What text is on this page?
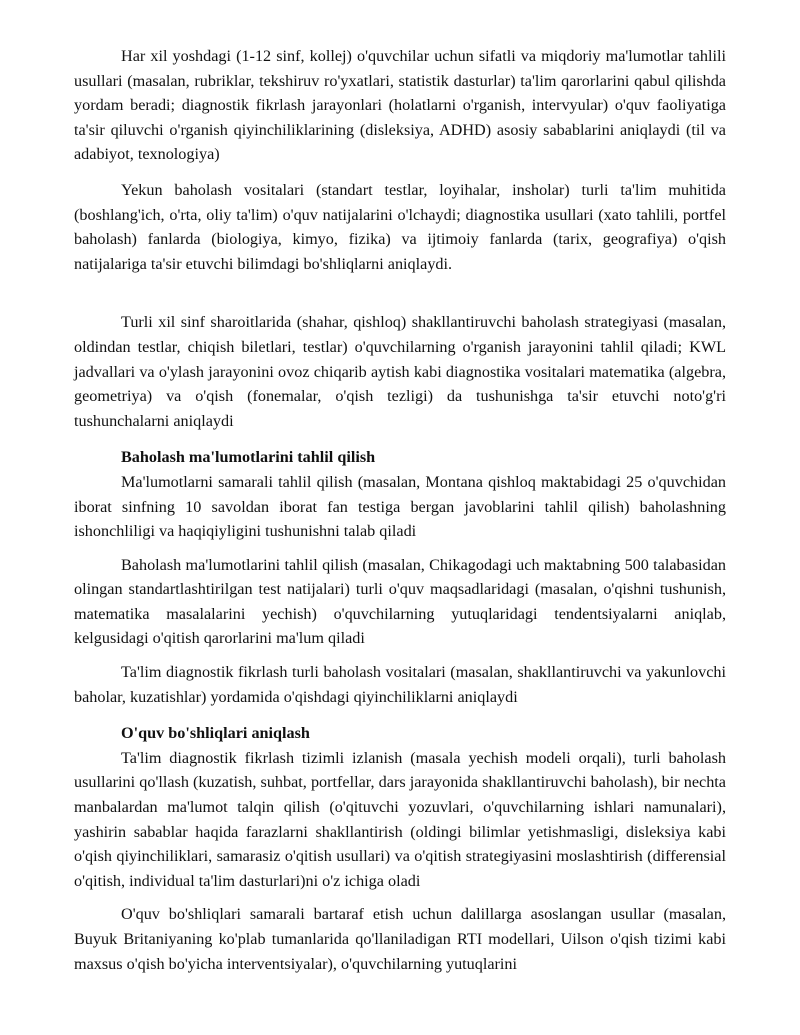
Har xil yoshdagi (1-12 sinf, kollej) o'quvchilar uchun sifatli va miqdoriy ma'lumotlar tahlili usullari (masalan, rubriklar, tekshiruv ro'yxatlari, statistik dasturlar) ta'lim qarorlarini qabul qilishda yordam beradi; diagnostik fikrlash jarayonlari (holatlarni o'rganish, intervyular) o'quv faoliyatiga ta'sir qiluvchi o'rganish qiyinchiliklarining (disleksiya, ADHD) asosiy sabablarini aniqlaydi (til va adabiyot, texnologiya)

Yekun baholash vositalari (standart testlar, loyihalar, insholar) turli ta'lim muhitida (boshlang'ich, o'rta, oliy ta'lim) o'quv natijalarini o'lchaydi; diagnostika usullari (xato tahlili, portfel baholash) fanlarda (biologiya, kimyo, fizika) va ijtimoiy fanlarda (tarix, geografiya) o'qish natijalariga ta'sir etuvchi bilimdagi bo'shliqlarni aniqlaydi.

Turli xil sinf sharoitlarida (shahar, qishloq) shakllantiruvchi baholash strategiyasi (masalan, oldindan testlar, chiqish biletlari, testlar) o'quvchilarning o'rganish jarayonini tahlil qiladi; KWL jadvallari va o'ylash jarayonini ovoz chiqarib aytish kabi diagnostika vositalari matematika (algebra, geometriya) va o'qish (fonemalar, o'qish tezligi) da tushunishga ta'sir etuvchi noto'g'ri tushunchalarni aniqlaydi

Baholash ma'lumotlarini tahlil qilish

Ma'lumotlarni samarali tahlil qilish (masalan, Montana qishloq maktabidagi 25 o'quvchidan iborat sinfning 10 savoldan iborat fan testiga bergan javoblarini tahlil qilish) baholashning ishonchliligi va haqiqiyligini tushunishni talab qiladi

Baholash ma'lumotlarini tahlil qilish (masalan, Chikagodagi uch maktabning 500 talabasidan olingan standartlashtirilgan test natijalari) turli o'quv maqsadlaridagi (masalan, o'qishni tushunish, matematika masalalarini yechish) o'quvchilarning yutuqlaridagi tendentsiyalarni aniqlab, kelgusidagi o'qitish qarorlarini ma'lum qiladi

Ta'lim diagnostik fikrlash turli baholash vositalari (masalan, shakllantiruvchi va yakunlovchi baholar, kuzatishlar) yordamida o'qishdagi qiyinchiliklarni aniqlaydi

O'quv bo'shliqlari aniqlash

Ta'lim diagnostik fikrlash tizimli izlanish (masala yechish modeli orqali), turli baholash usullarini qo'llash (kuzatish, suhbat, portfellar, dars jarayonida shakllantiruvchi baholash), bir nechta manbalardan ma'lumot talqin qilish (o'qituvchi yozuvlari, o'quvchilarning ishlari namunalari), yashirin sabablar haqida farazlarni shakllantirish (oldingi bilimlar yetishmasligi, disleksiya kabi o'qish qiyinchiliklari, samarasiz o'qitish usullari) va o'qitish strategiyasini moslashtirish (differensial o'qitish, individual ta'lim dasturlari)ni o'z ichiga oladi

O'quv bo'shliqlari samarali bartaraf etish uchun dalillarga asoslangan usullar (masalan, Buyuk Britaniyaning ko'plab tumanlarida qo'llaniladigan RTI modellari, Uilson o'qish tizimi kabi maxsus o'qish bo'yicha interventsiyalar), o'quvchilarning yutuqlarini
